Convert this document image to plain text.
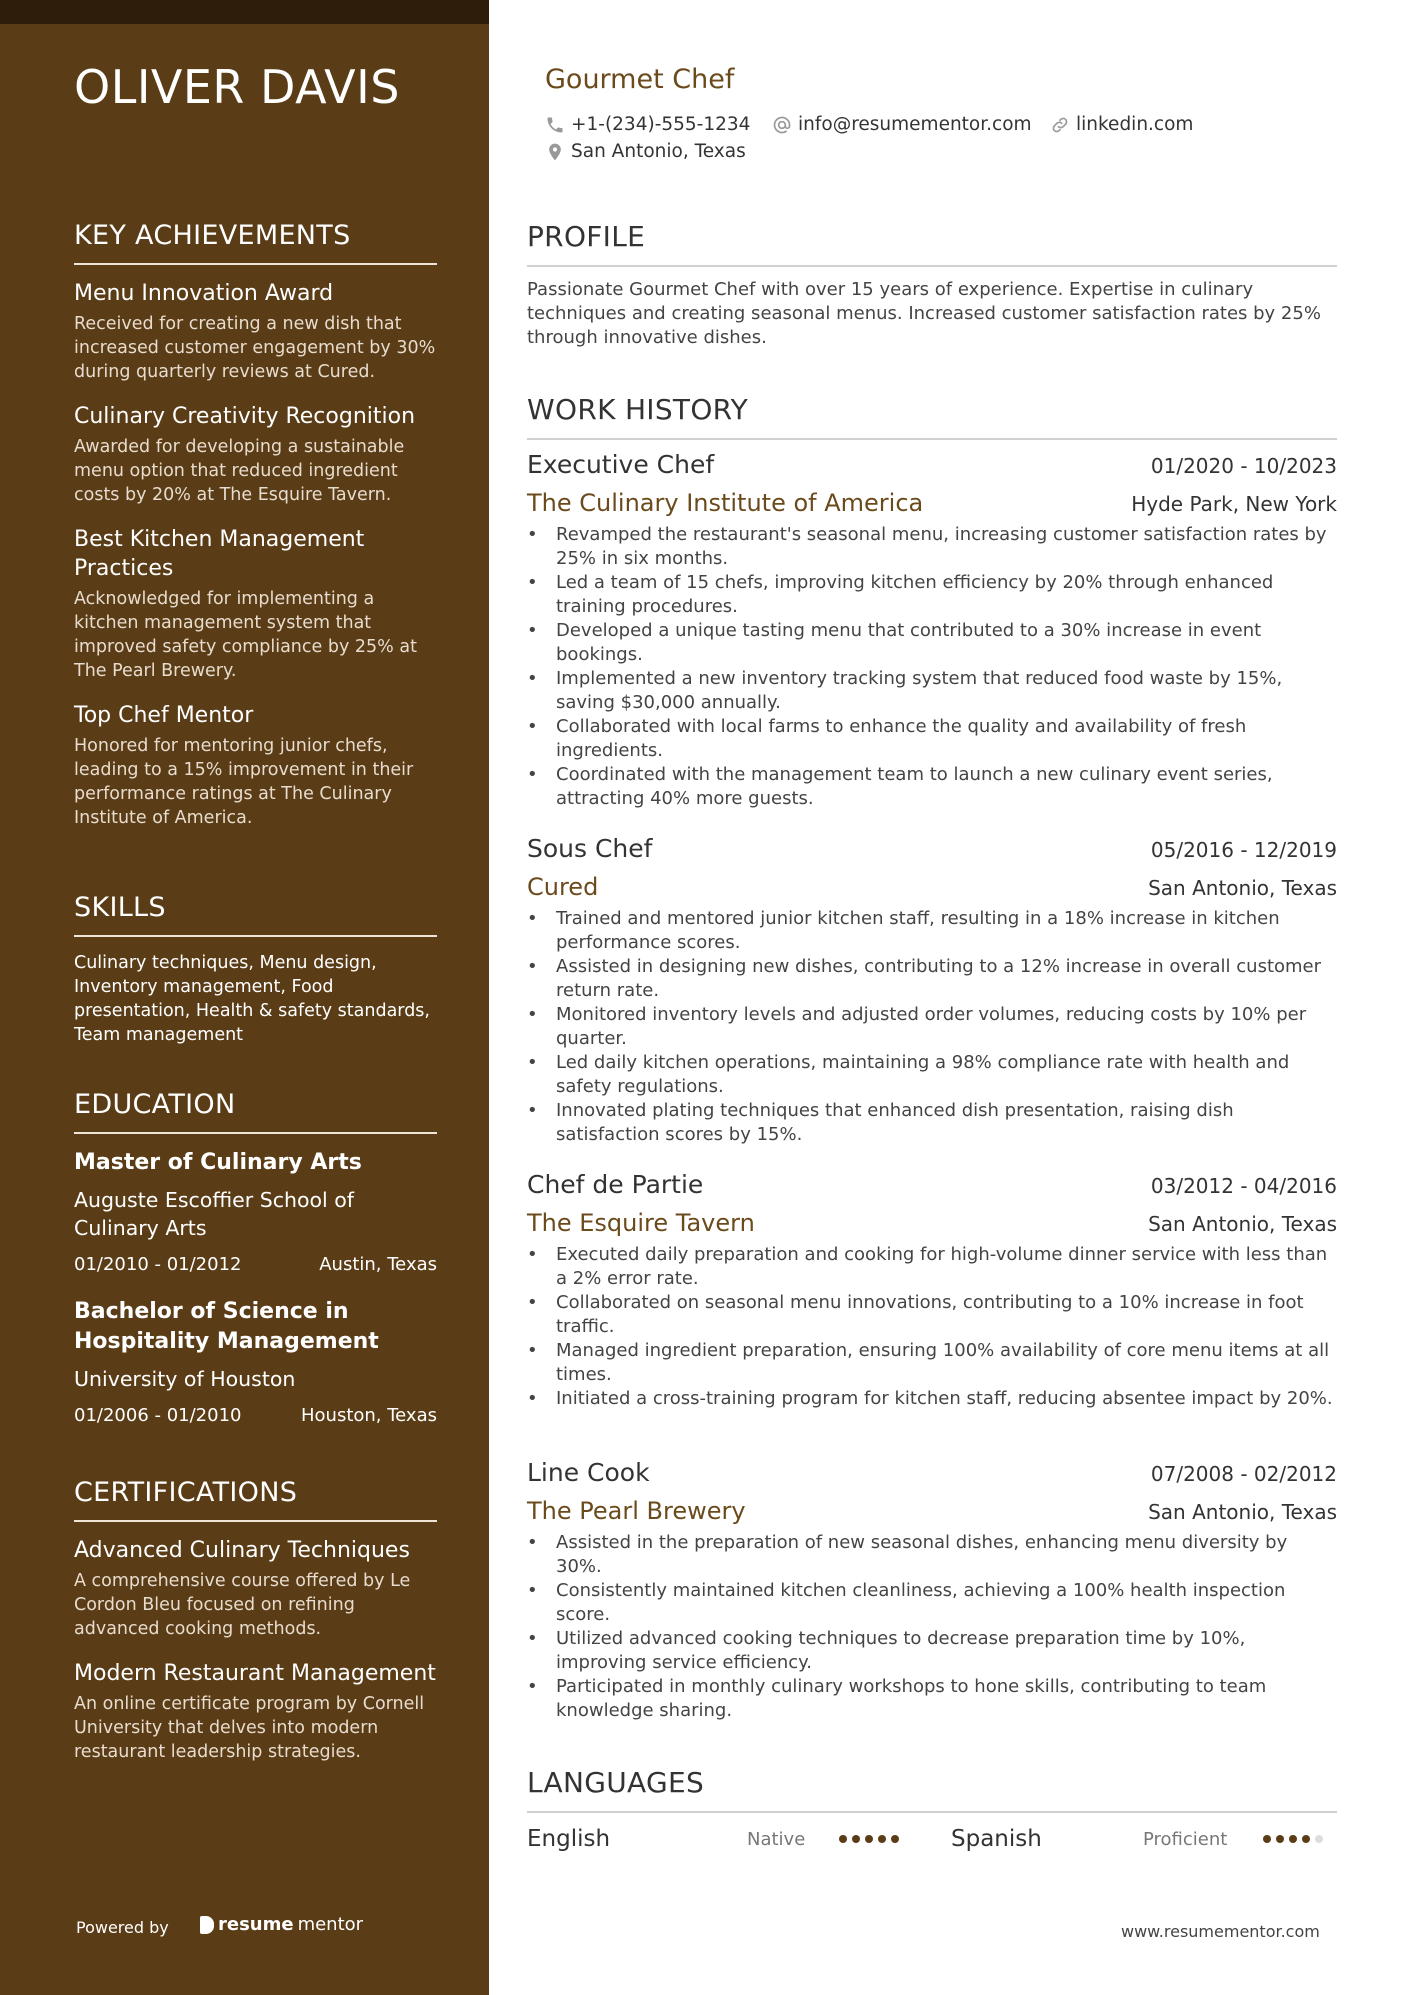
OLIVER DAVIS
KEY ACHIEVEMENTS
Menu Innovation Award
Received for creating a new dish that increased customer engagement by 30% during quarterly reviews at Cured.
Culinary Creativity Recognition
Awarded for developing a sustainable menu option that reduced ingredient costs by 20% at The Esquire Tavern.
Best Kitchen Management Practices
Acknowledged for implementing a kitchen management system that improved safety compliance by 25% at The Pearl Brewery.
Top Chef Mentor
Honored for mentoring junior chefs, leading to a 15% improvement in their performance ratings at The Culinary Institute of America.
SKILLS
Culinary techniques, Menu design, Inventory management, Food presentation, Health & safety standards, Team management
EDUCATION
Master of Culinary Arts
Auguste Escoffier School of Culinary Arts
01/2010 - 01/2012	Austin, Texas
Bachelor of Science in Hospitality Management
University of Houston
01/2006 - 01/2010	Houston, Texas
CERTIFICATIONS
Advanced Culinary Techniques
A comprehensive course offered by Le Cordon Bleu focused on refining advanced cooking methods.
Modern Restaurant Management
An online certificate program by Cornell University that delves into modern restaurant leadership strategies.
Powered by	resume mentor
Gourmet Chef
+1-(234)-555-1234	info@resumementor.com linkedin.com
San Antonio, Texas
PROFILE
Passionate Gourmet Chef with over 15 years of experience. Expertise in culinary techniques and creating seasonal menus. Increased customer satisfaction rates by 25% through innovative dishes.
WORK HISTORY
Executive Chef	01/2020 - 10/2023
The Culinary Institute of America	Hyde Park, New York
• Revamped the restaurant's seasonal menu, increasing customer satisfaction rates by 25% in six months.
• Led a team of 15 chefs, improving kitchen efficiency by 20% through enhanced training procedures.
• Developed a unique tasting menu that contributed to a 30% increase in event bookings.
• Implemented a new inventory tracking system that reduced food waste by 15%, saving $30,000 annually.
• Collaborated with local farms to enhance the quality and availability of fresh ingredients.
• Coordinated with the management team to launch a new culinary event series, attracting 40% more guests.
Sous Chef	05/2016 - 12/2019
Cured	San Antonio, Texas
• Trained and mentored junior kitchen staff, resulting in a 18% increase in kitchen performance scores.
• Assisted in designing new dishes, contributing to a 12% increase in overall customer return rate.
• Monitored inventory levels and adjusted order volumes, reducing costs by 10% per quarter.
• Led daily kitchen operations, maintaining a 98% compliance rate with health and safety regulations.
• Innovated plating techniques that enhanced dish presentation, raising dish satisfaction scores by 15%.
Chef de Partie	03/2012 - 04/2016
The Esquire Tavern	San Antonio, Texas
• Executed daily preparation and cooking for high-volume dinner service with less than a 2% error rate.
• Collaborated on seasonal menu innovations, contributing to a 10% increase in foot traffic.
• Managed ingredient preparation, ensuring 100% availability of core menu items at all times.
• Initiated a cross-training program for kitchen staff, reducing absentee impact by 20%.
Line Cook	07/2008 - 02/2012
The Pearl Brewery	San Antonio, Texas
• Assisted in the preparation of new seasonal dishes, enhancing menu diversity by 30%.
• Consistently maintained kitchen cleanliness, achieving a 100% health inspection score.
• Utilized advanced cooking techniques to decrease preparation time by 10%, improving service efficiency.
• Participated in monthly culinary workshops to hone skills, contributing to team knowledge sharing.
LANGUAGES
English	Native	Spanish	Proficient
www.resumementor.com
